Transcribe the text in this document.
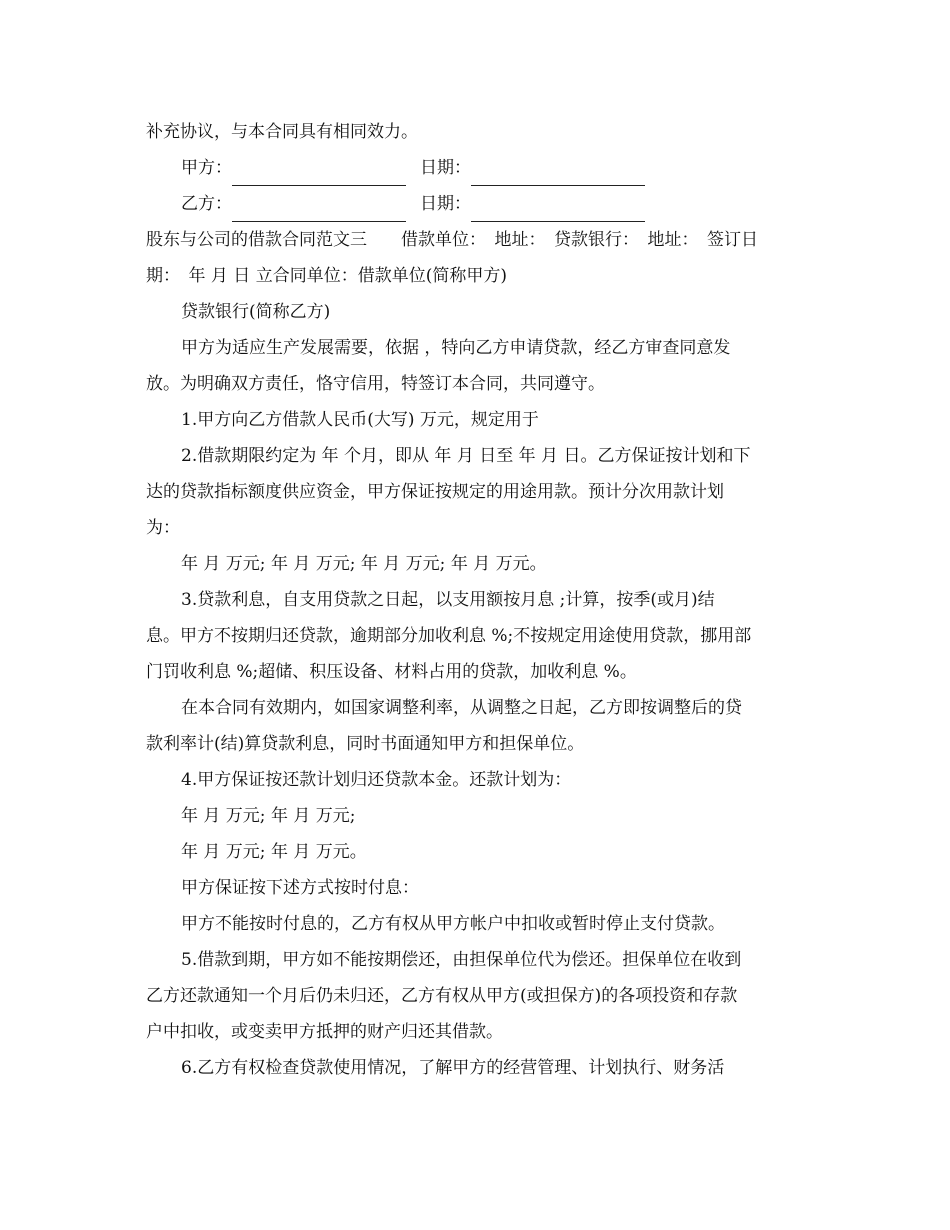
补充协议，与本合同具有相同效力。
甲方：	日期：
乙方：	日期：
股东与公司的借款合同范文三　　借款单位： 地址： 贷款银行： 地址： 签订日
期： 年 月 日 立合同单位：借款单位(简称甲方)
贷款银行(简称乙方)
甲方为适应生产发展需要，依据 ，特向乙方申请贷款，经乙方审查同意发
放。为明确双方责任，恪守信用，特签订本合同，共同遵守。
1.甲方向乙方借款人民币(大写) 万元，规定用于
2.借款期限约定为 年 个月，即从 年 月 日至 年 月 日。乙方保证按计划和下
达的贷款指标额度供应资金，甲方保证按规定的用途用款。预计分次用款计划
为：
年 月 万元; 年 月 万元; 年 月 万元; 年 月 万元。
3.贷款利息，自支用贷款之日起，以支用额按月息 ;计算，按季(或月)结
息。甲方不按期归还贷款，逾期部分加收利息 %;不按规定用途使用贷款，挪用部
门罚收利息 %;超储、积压设备、材料占用的贷款，加收利息 %。
在本合同有效期内，如国家调整利率，从调整之日起，乙方即按调整后的贷
款利率计(结)算贷款利息，同时书面通知甲方和担保单位。
4.甲方保证按还款计划归还贷款本金。还款计划为：
年 月 万元; 年 月 万元;
年 月 万元; 年 月 万元。
甲方保证按下述方式按时付息：
甲方不能按时付息的，乙方有权从甲方帐户中扣收或暂时停止支付贷款。
5.借款到期，甲方如不能按期偿还，由担保单位代为偿还。担保单位在收到
乙方还款通知一个月后仍未归还，乙方有权从甲方(或担保方)的各项投资和存款
户中扣收，或变卖甲方抵押的财产归还其借款。
6.乙方有权检查贷款使用情况，了解甲方的经营管理、计划执行、财务活
